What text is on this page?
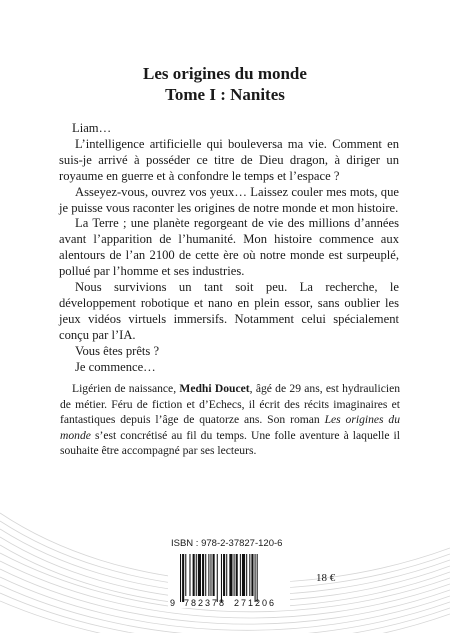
Les origines du monde
Tome I : Nanites

Liam…

L’intelligence artificielle qui bouleversa ma vie. Comment en suis-je arrivé à posséder ce titre de Dieu dragon, à diriger un royaume en guerre et à confondre le temps et l’espace ?

Asseyez-vous, ouvrez vos yeux… Laissez couler mes mots, que je puisse vous raconter les origines de notre monde et mon histoire.

La Terre ; une planète regorgeant de vie des millions d’années avant l’apparition de l’humanité. Mon histoire commence aux alentours de l’an 2100 de cette ère où notre monde est surpeuplé, pollué par l’homme et ses industries.

Nous survivions un tant soit peu. La recherche, le développement robotique et nano en plein essor, sans oublier les jeux vidéos virtuels immersifs. Notamment celui spécialement conçu par l’IA.

Vous êtes prêts ?

Je commence…

Ligérien de naissance, Medhi Doucet, âgé de 29 ans, est hydraulicien de métier. Féru de fiction et d’Echecs, il écrit des récits imaginaires et fantastiques depuis l’âge de quatorze ans. Son roman Les origines du monde s’est concrétisé au fil du temps. Une folle aventure à laquelle il souhaite être accompagné par ses lecteurs.
ISBN : 978-2-37827-120-6
9 782378 271206
18 €
